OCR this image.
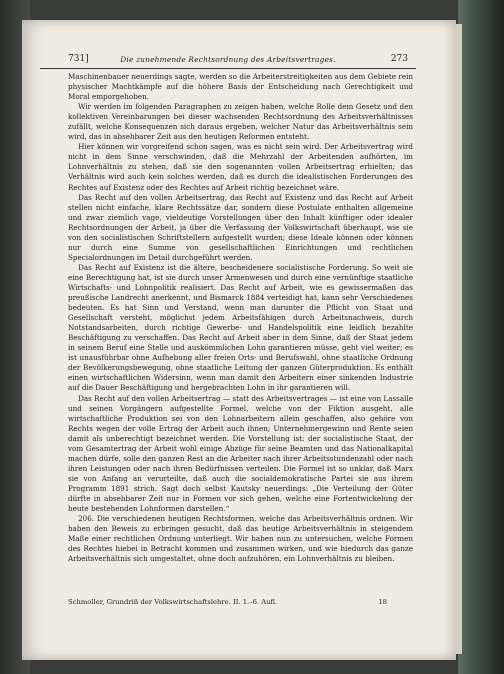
731]	Die zunehmende Rechtsordnung des Arbeitsvertrages.	273

Maschinenbauer neuerdings sagte, werden so die Arbeiterstreitigkeiten aus dem Gebiete rein physischer Machtkämpfe auf die höhere Basis der Entscheidung nach Gerechtigkeit und Moral emporgehoben.

Wir werden im folgenden Paragraphen zu zeigen haben, welche Rolle dem Gesetz und den kollektiven Vereinbarungen bei dieser wachsenden Rechtsordnung des Arbeitsverhältnisses zufällt, welche Konsequenzen sich daraus ergeben, welcher Natur das Arbeitsverhältnis sein wird, das in absehbarer Zeit aus den heutigen Reformen entsteht.

Hier können wir vorgreifend schon sagen, was es nicht sein wird. Der Arbeitsvertrag wird nicht in dem Sinne verschwinden, daß die Mehrzahl der Arbeitenden aufhörten, im Lohnverhältnis zu stehen, daß sie den sogenannten vollen Arbeitsertrag erhielten; das Verhältnis wird auch kein solches werden, daß es durch die idealistischen Forderungen des Rechtes auf Existenz oder des Rechtes auf Arbeit richtig bezeichnet wäre.

Das Recht auf den vollen Arbeitsertrag, das Recht auf Existenz und das Recht auf Arbeit stellen nicht einfache, klare Rechtssätze dar, sondern diese Postulate enthalten allgemeine und zwar ziemlich vage, vieldeutige Vorstellungen über den Inhalt künftiger oder idealer Rechtsordnungen der Arbeit, ja über die Verfassung der Volkswirtschaft überhaupt, wie sie von den socialistischen Schriftstellern aufgestellt wurden; diese Ideale können oder können nur durch eine Summe von gesellschaftlichen Einrichtungen und rechtlichen Specialordnungen im Detail durchgeführt werden.

Das Recht auf Existenz ist die ältere, bescheidenere socialistische Forderung. So weit sie eine Berechtigung hat, ist sie durch unser Armenwesen und durch eine vernünftige staatliche Wirtschafts- und Lohnpolitik realisiert. Das Recht auf Arbeit, wie es gewissermaßen das preußische Landrecht anerkennt, und Bismarck 1884 verteidigt hat, kann sehr Verschiedenes bedeuten. Es hat Sinn und Verstand, wenn man darunter die Pflicht von Staat und Gesellschaft versteht, möglichst jedem Arbeitsfähigen durch Arbeitsnachweis, durch Notstandsarbeiten, durch richtige Gewerbe- und Handelspolitik eine leidlich bezahlte Beschäftigung zu verschaffen. Das Recht auf Arbeit aber in dem Sinne, daß der Staat jedem in seinem Beruf eine Stelle und auskömmlichen Lohn garantieren müsse, geht viel weiter; es ist unausführbar ohne Aufhebung aller freien Orts- und Berufswahl, ohne staatliche Ordnung der Bevölkerungsbewegung, ohne staatliche Leitung der ganzen Güterproduktion. Es enthält einen wirtschaftlichen Widersinn, wenn man damit den Arbeitern einer sinkenden Industrie auf die Dauer Beschäftigung und hergebrachten Lohn in ihr garantieren will.

Das Recht auf den vollen Arbeitsertrag — statt des Arbeitsvertrages — ist eine von Lassalle und seinen Vorgängern aufgestellte Formel, welche von der Fiktion ausgeht, alle wirtschaftliche Produktion sei von den Lohnarbeitern allein geschaffen, also gehöre von Rechts wegen der volle Ertrag der Arbeit auch ihnen; Unternehmergewinn und Rente seien damit als unberechtigt bezeichnet werden. Die Vorstellung ist: der socialistische Staat, der vom Gesamtertrag der Arbeit wohl einige Abzüge für seine Beamten und das Nationalkapital machen dürfe, solle den ganzen Rest an die Arbeiter nach ihrer Arbeitsstundenzahl oder nach ihren Leistungen oder nach ihren Bedürfnissen verteilen. Die Formel ist so unklar, daß Marx sie von Anfang an verurteilte, daß auch die socialdemokratische Partei sie aus ihrem Programm 1891 strich. Sagt doch selbst Kautsky neuerdings: „Die Verteilung der Güter dürfte in absehbarer Zeit nur in Formen vor sich gehen, welche eine Fortentwickelung der heute bestehenden Lohnformen darstellen.“

206. Die verschiedenen heutigen Rechtsformen, welche das Arbeitsverhältnis ordnen. Wir haben den Beweis zu erbringen gesucht, daß das heutige Arbeitsverhältnis in steigendem Maße einer rechtlichen Ordnung unterliegt. Wir haben nun zu untersuchen, welche Formen des Rechtes hiebei in Betracht kommen und zusammen wirken, und wie hiedurch das ganze Arbeitsverhältnis sich umgestaltet, ohne doch aufzuhören, ein Lohnverhältnis zu bleiben.

Schmoller, Grundriß der Volkswirtschaftslehre. II. 1.–6. Aufl.	18
